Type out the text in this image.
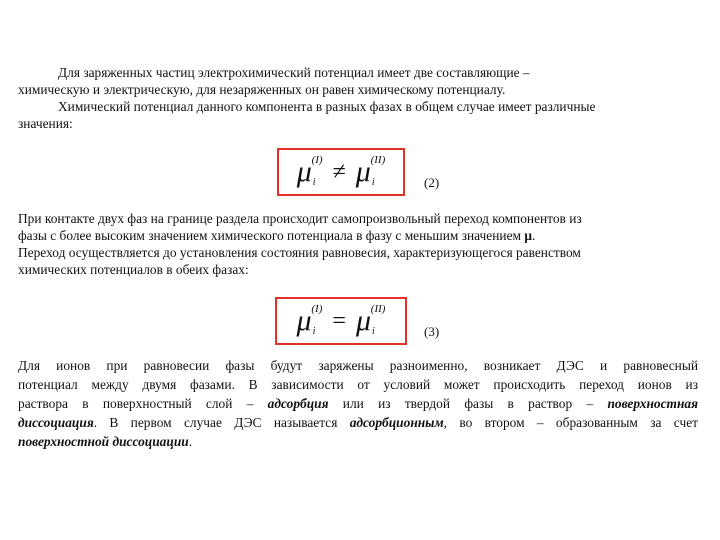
Для заряженных частиц электрохимический потенциал имеет две составляющие –
химическую и электрическую, для незаряженных он равен химическому потенциалу.
Химический потенциал данного компонента в разных фазах в общем случае имеет различные
значения:
μ i
(I) ≠ μ i
(II)
(2)
При контакте двух фаз на границе раздела происходит самопроизвольный переход компонентов из
фазы с более высоким значением химического потенциала в фазу с меньшим значением μ.
Переход осуществляется до установления состояния равновесия, характеризующегося равенством
химических потенциалов в обеих фазах:
μ i
(I) = μ i
(II)
(3)
Для ионов при равновесии фазы будут заряжены разноименно, возникает ДЭС и равновесный
потенциал между двумя фазами. В зависимости от условий может происходить переход ионов из
раствора в поверхностный слой – адсорбция или из твердой фазы в раствор – поверхностная
диссоциация. В первом случае ДЭС называется адсорбционным, во втором – образованным за счет
поверхностной диссоциации.
